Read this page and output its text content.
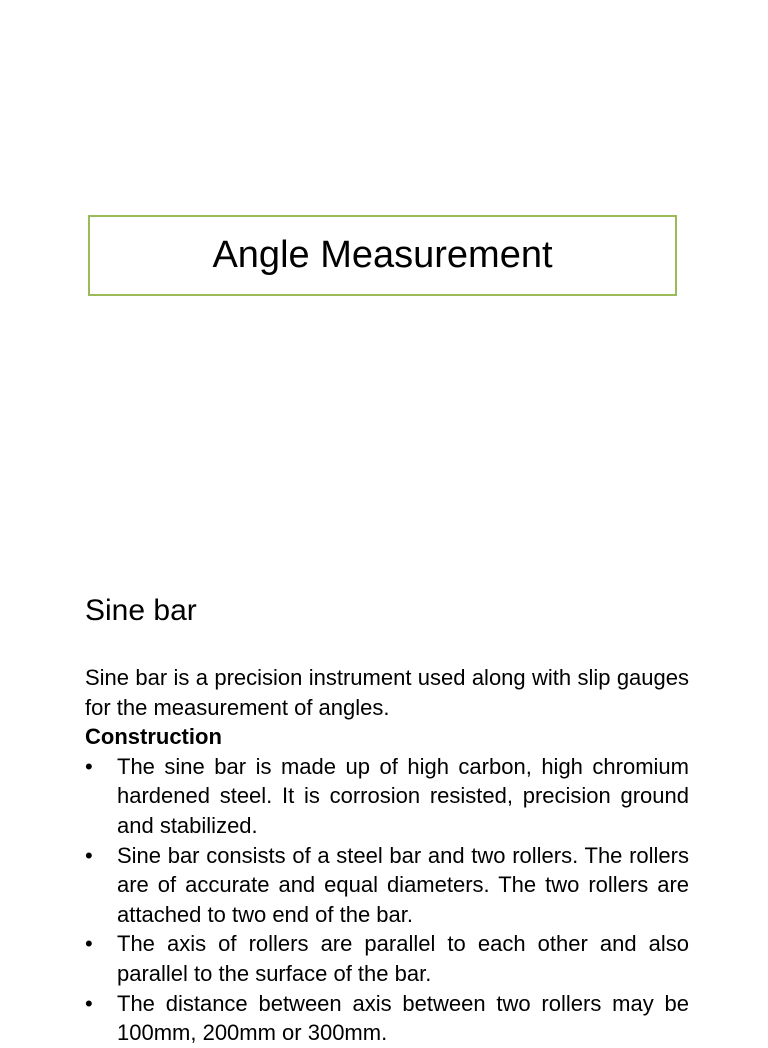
Angle Measurement
Sine bar

Sine bar is a precision instrument used along with slip gauges for the measurement of angles.

Construction

• The sine bar is made up of high carbon, high chromium hardened steel. It is corrosion resisted, precision ground and stabilized.
• Sine bar consists of a steel bar and two rollers. The rollers are of accurate and equal diameters. The two rollers are attached to two end of the bar.
• The axis of rollers are parallel to each other and also parallel to the surface of the bar.
• The distance between axis between two rollers may be 100mm, 200mm or 300mm.
